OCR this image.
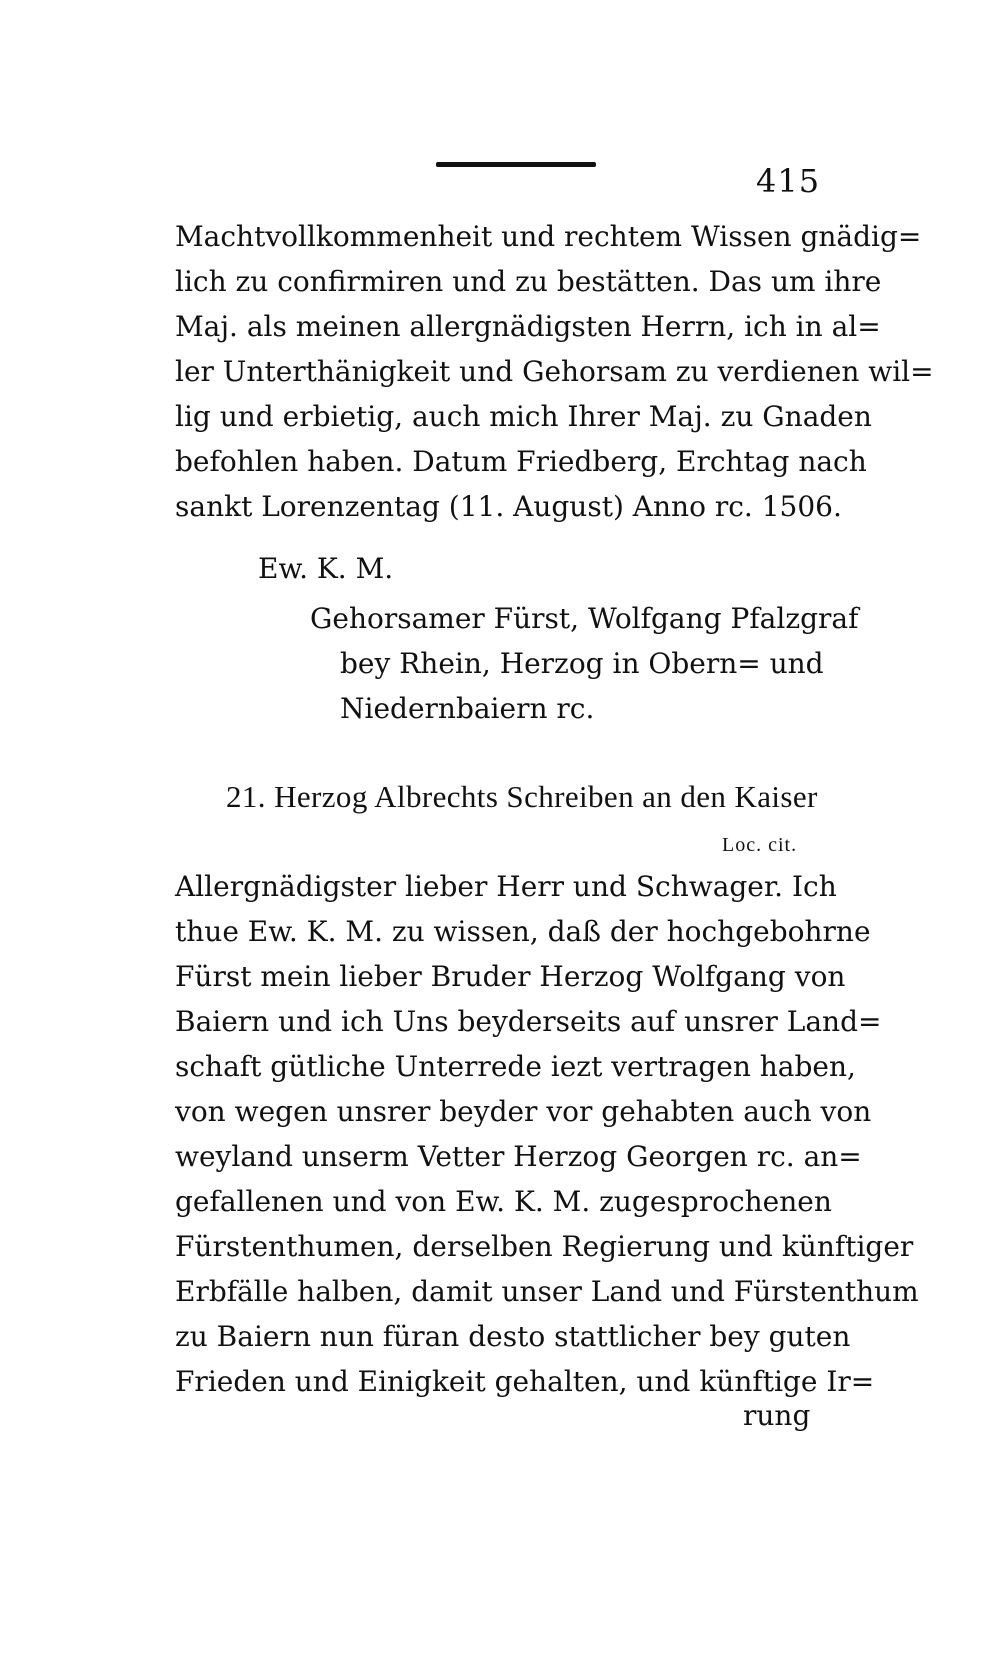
415
Machtvollkommenheit und rechtem Wissen gnädig=
lich zu confirmiren und zu bestätten. Das um ihre
Maj. als meinen allergnädigsten Herrn, ich in al=
ler Unterthänigkeit und Gehorsam zu verdienen wil=
lig und erbietig, auch mich Ihrer Maj. zu Gnaden
befohlen haben. Datum Friedberg, Erchtag nach
sankt Lorenzentag (11. August) Anno rc. 1506.
Ew. K. M.
Gehorsamer Fürst, Wolfgang Pfalzgraf
bey Rhein, Herzog in Obern= und
Niedernbaiern rc.
21. Herzog Albrechts Schreiben an den Kaiser
Loc. cit.
Allergnädigster lieber Herr und Schwager. Ich
thue Ew. K. M. zu wissen, daß der hochgebohrne
Fürst mein lieber Bruder Herzog Wolfgang von
Baiern und ich Uns beyderseits auf unsrer Land=
schaft gütliche Unterrede iezt vertragen haben,
von wegen unsrer beyder vor gehabten auch von
weyland unserm Vetter Herzog Georgen rc. an=
gefallenen und von Ew. K. M. zugesprochenen
Fürstenthumen, derselben Regierung und künftiger
Erbfälle halben, damit unser Land und Fürstenthum
zu Baiern nun füran desto stattlicher bey guten
Frieden und Einigkeit gehalten, und künftige Ir=
rung
